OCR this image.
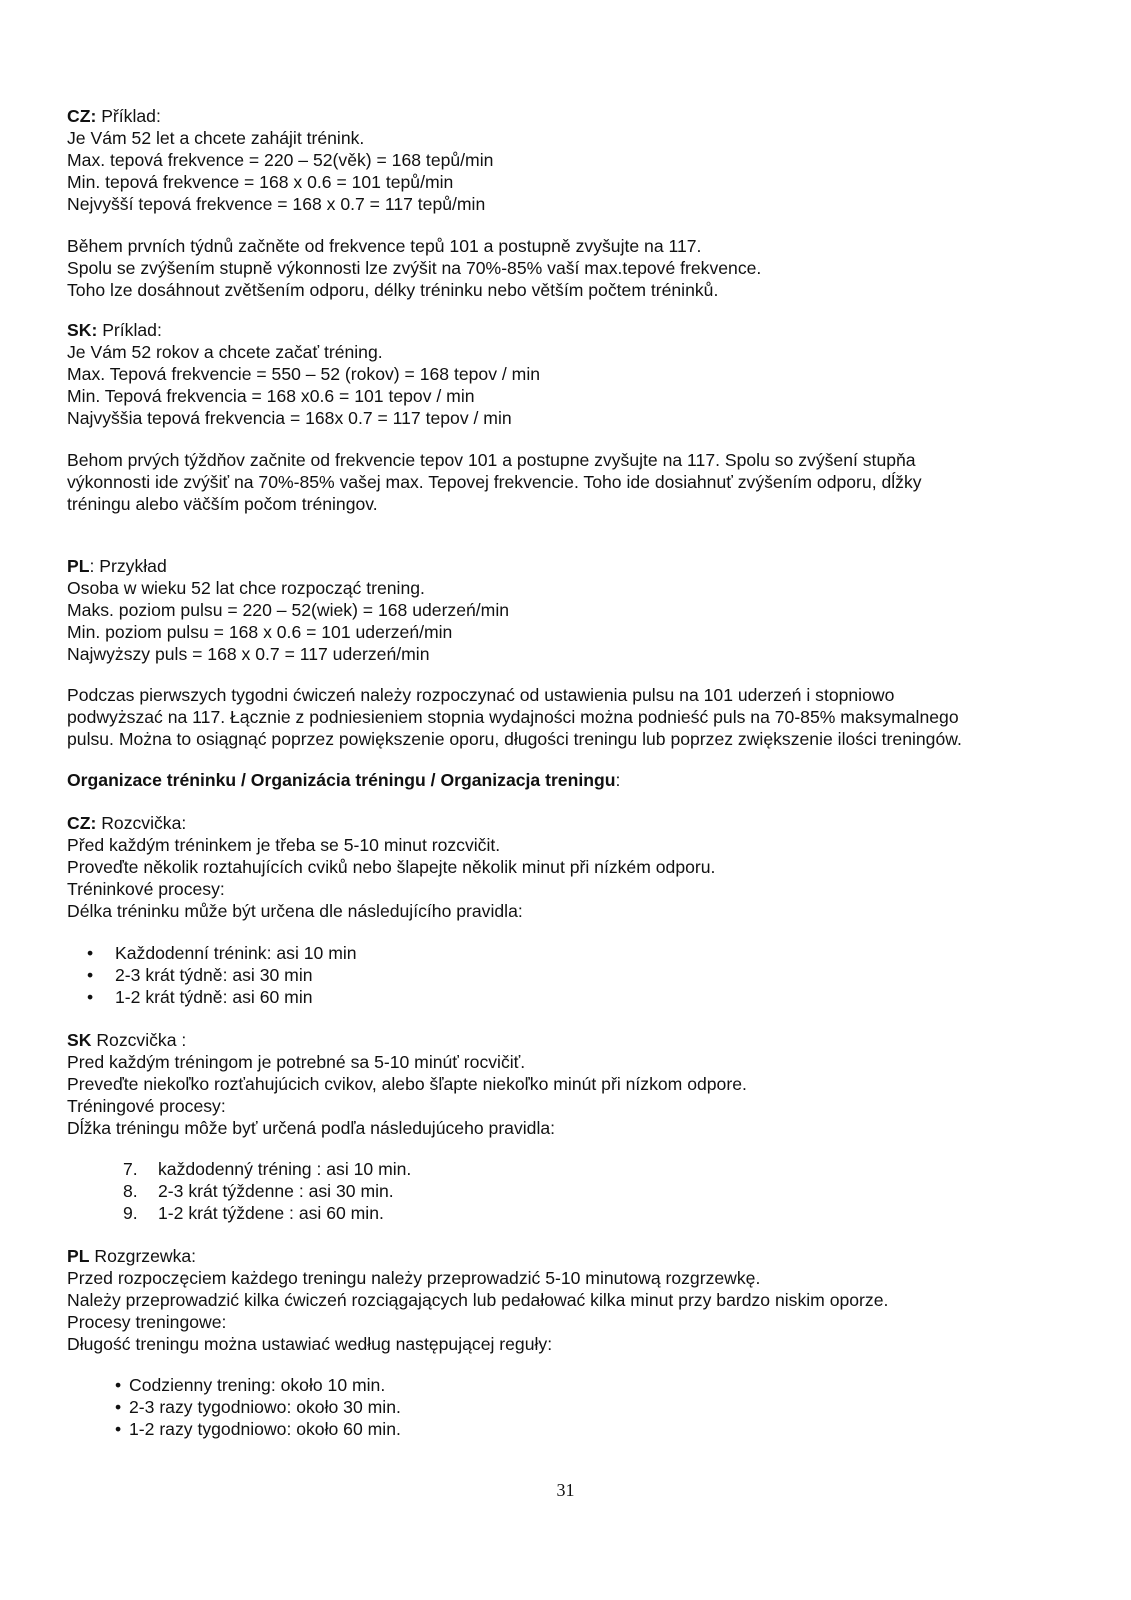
CZ: Příklad:
Je Vám 52 let a chcete zahájit trénink.
Max. tepová frekvence = 220 – 52(věk) = 168 tepů/min
Min. tepová frekvence = 168 x 0.6 = 101 tepů/min
Nejvyšší tepová frekvence = 168 x 0.7 = 117 tepů/min
Během prvních týdnů začněte od frekvence tepů 101 a postupně zvyšujte na 117.
Spolu se zvýšením stupně výkonnosti lze zvýšit na 70%-85% vaší max.tepové frekvence.
Toho lze dosáhnout zvětšením odporu, délky tréninku nebo větším počtem tréninků.
SK: Príklad:
Je Vám 52 rokov a chcete začať tréning.
Max. Tepová frekvencie = 550 – 52 (rokov) = 168 tepov / min
Min. Tepová frekvencia = 168 x0.6 = 101 tepov / min
Najvyššia tepová frekvencia = 168x 0.7 = 117 tepov / min
Behom prvých týždňov začnite od frekvencie tepov 101 a postupne zvyšujte na 117. Spolu so zvýšení stupňa
výkonnosti ide zvýšiť na 70%-85% vašej max. Tepovej frekvencie. Toho ide dosiahnuť zvýšením odporu, dĺžky
tréningu alebo väčším počom tréningov.
PL: Przykład
Osoba w wieku 52 lat chce rozpocząć trening.
Maks. poziom pulsu = 220 – 52(wiek) = 168 uderzeń/min
Min. poziom pulsu = 168 x 0.6 = 101 uderzeń/min
Najwyższy puls = 168 x 0.7 = 117 uderzeń/min
Podczas pierwszych tygodni ćwiczeń należy rozpoczynać od ustawienia pulsu na 101 uderzeń i stopniowo
podwyższać na 117. Łącznie z podniesieniem stopnia wydajności można podnieść puls na 70-85% maksymalnego
pulsu. Można to osiągnąć poprzez powiększenie oporu, długości treningu lub poprzez zwiększenie ilości treningów.
Organizace tréninku / Organizácia tréningu / Organizacja treningu:
CZ: Rozcvička:
Před každým tréninkem je třeba se 5-10 minut rozcvičit.
Proveďte několik roztahujících cviků nebo šlapejte několik minut při nízkém odporu.
Tréninkové procesy:
Délka tréninku může být určena dle následujícího pravidla:
• Každodenní trénink: asi 10 min
• 2-3 krát týdně: asi 30 min
• 1-2 krát týdně: asi 60 min
SK Rozcvička :
Pred každým tréningom je potrebné sa 5-10 minúť rocvičiť.
Preveďte niekoľko rozťahujúcich cvikov, alebo šľapte niekoľko minút při nízkom odpore.
Tréningové procesy:
Dĺžka tréningu môže byť určená podľa následujúceho pravidla:
7. každodenný tréning : asi 10 min.
8. 2-3 krát týždenne : asi 30 min.
9. 1-2 krát týždene : asi 60 min.
PL Rozgrzewka:
Przed rozpoczęciem każdego treningu należy przeprowadzić 5-10 minutową rozgrzewkę.
Należy przeprowadzić kilka ćwiczeń rozciągających lub pedałować kilka minut przy bardzo niskim oporze.
Procesy treningowe:
Długość treningu można ustawiać według następującej reguły:
• Codzienny trening: około 10 min.
• 2-3 razy tygodniowo: około 30 min.
• 1-2 razy tygodniowo: około 60 min.
31
